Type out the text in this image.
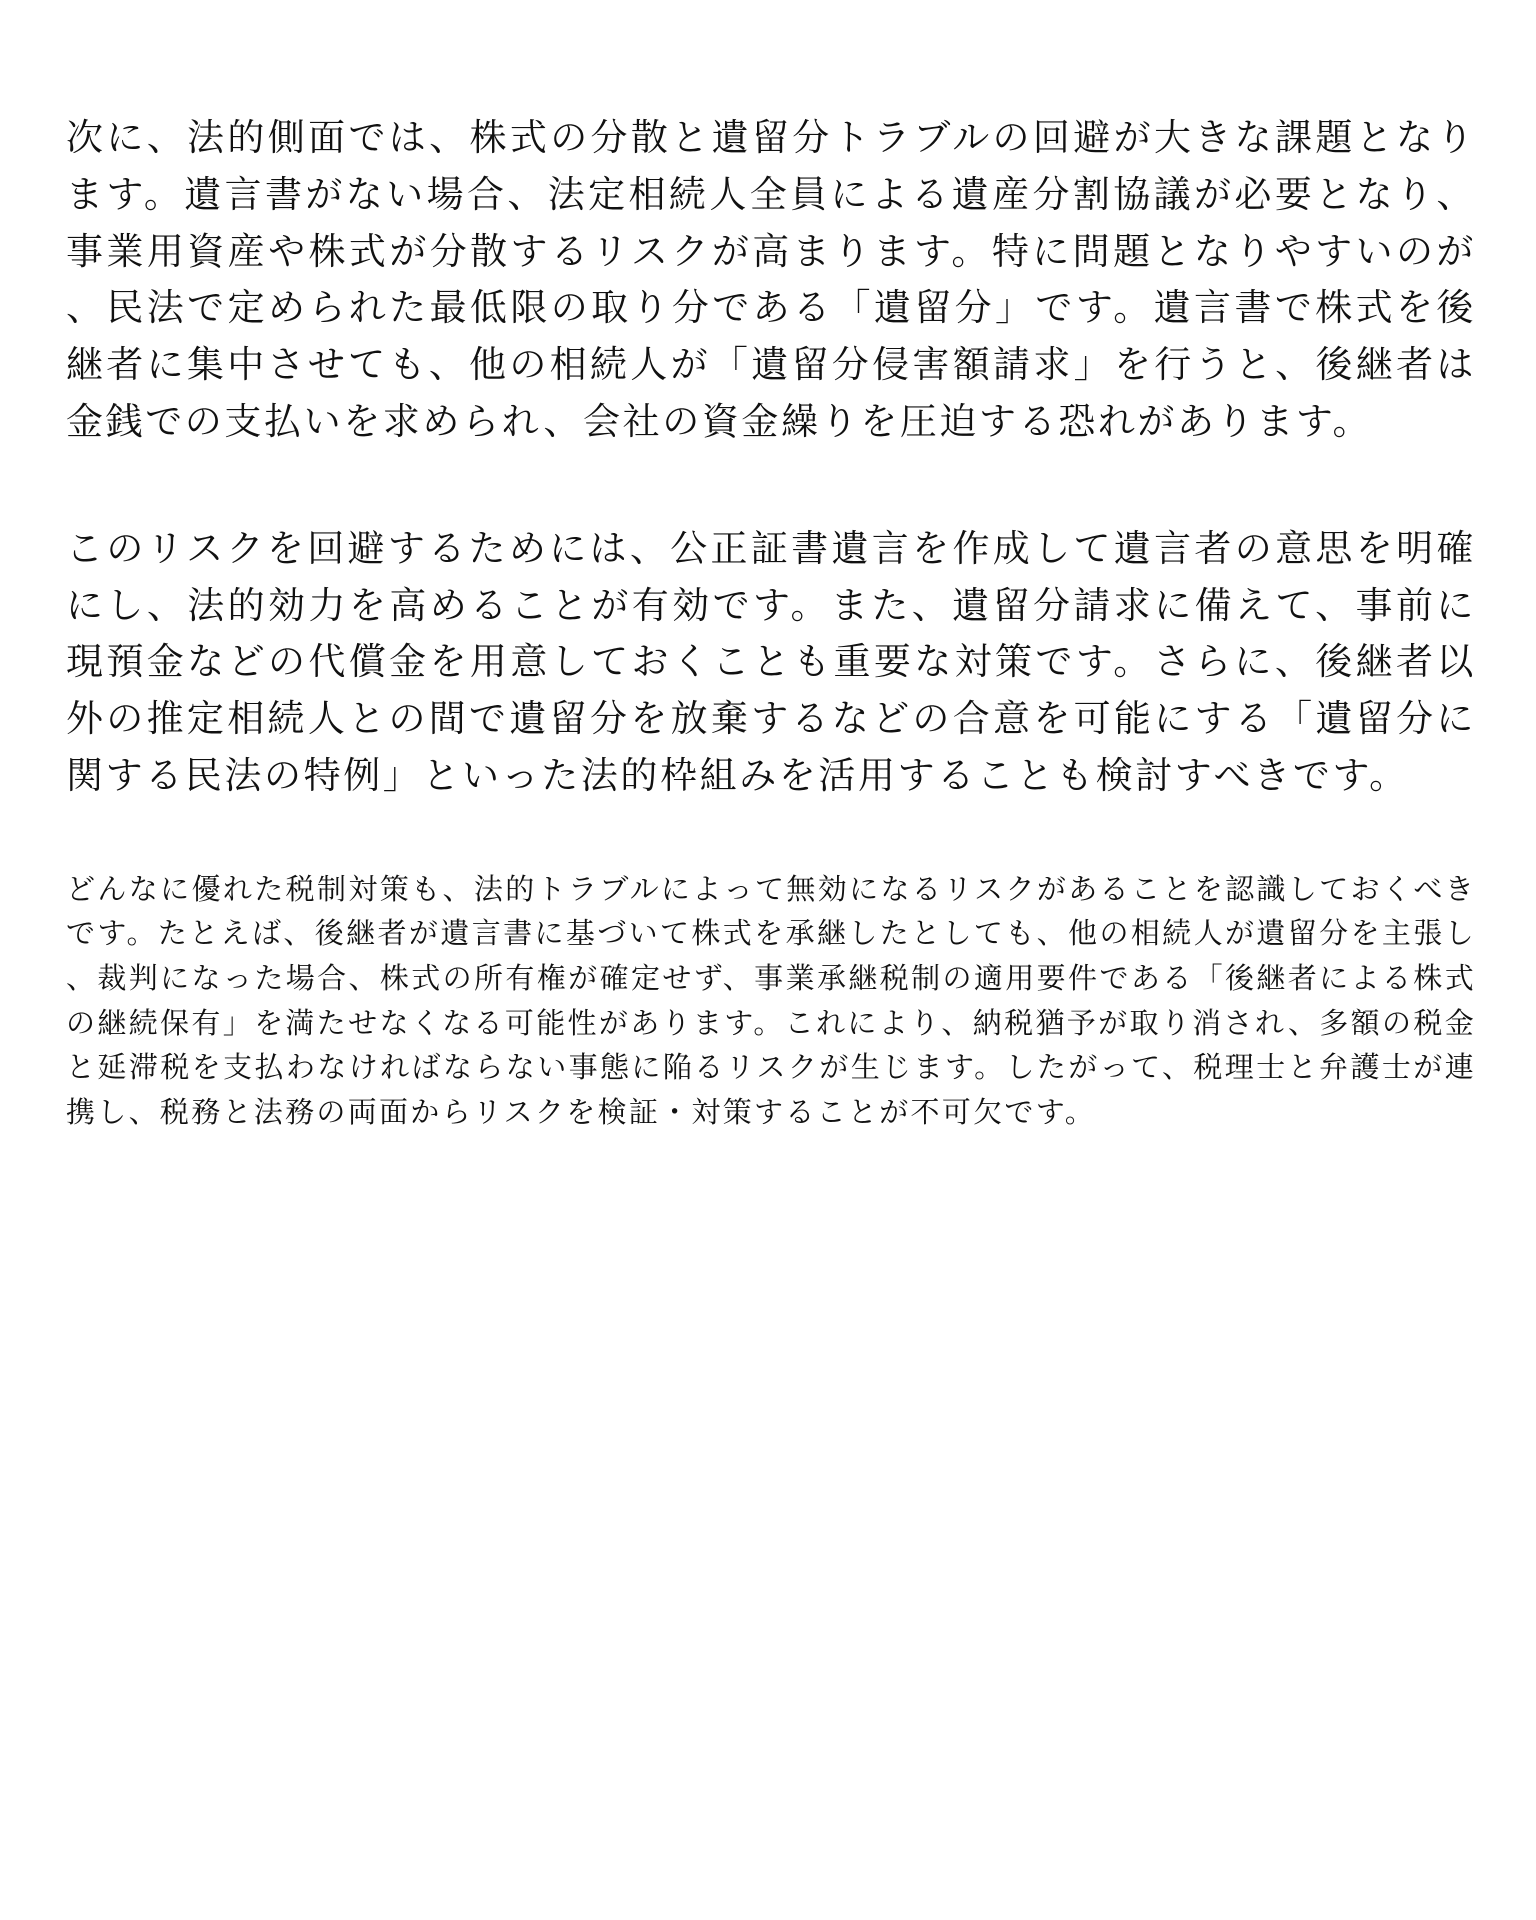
次に、法的側面では、株式の分散と遺留分トラブルの回避が大きな課題となります。遺言書がない場合、法定相続人全員による遺産分割協議が必要となり、事業用資産や株式が分散するリスクが高まります。特に問題となりやすいのが、民法で定められた最低限の取り分である「遺留分」です。遺言書で株式を後継者に集中させても、他の相続人が「遺留分侵害額請求」を行うと、後継者は金銭での支払いを求められ、会社の資金繰りを圧迫する恐れがあります。

このリスクを回避するためには、公正証書遺言を作成して遺言者の意思を明確にし、法的効力を高めることが有効です。また、遺留分請求に備えて、事前に現預金などの代償金を用意しておくことも重要な対策です。さらに、後継者以外の推定相続人との間で遺留分を放棄するなどの合意を可能にする「遺留分に関する民法の特例」といった法的枠組みを活用することも検討すべきです。

どんなに優れた税制対策も、法的トラブルによって無効になるリスクがあることを認識しておくべきです。たとえば、後継者が遺言書に基づいて株式を承継したとしても、他の相続人が遺留分を主張し、裁判になった場合、株式の所有権が確定せず、事業承継税制の適用要件である「後継者による株式の継続保有」を満たせなくなる可能性があります。これにより、納税猶予が取り消され、多額の税金と延滞税を支払わなければならない事態に陥るリスクが生じます。したがって、税理士と弁護士が連携し、税務と法務の両面からリスクを検証・対策することが不可欠です。
